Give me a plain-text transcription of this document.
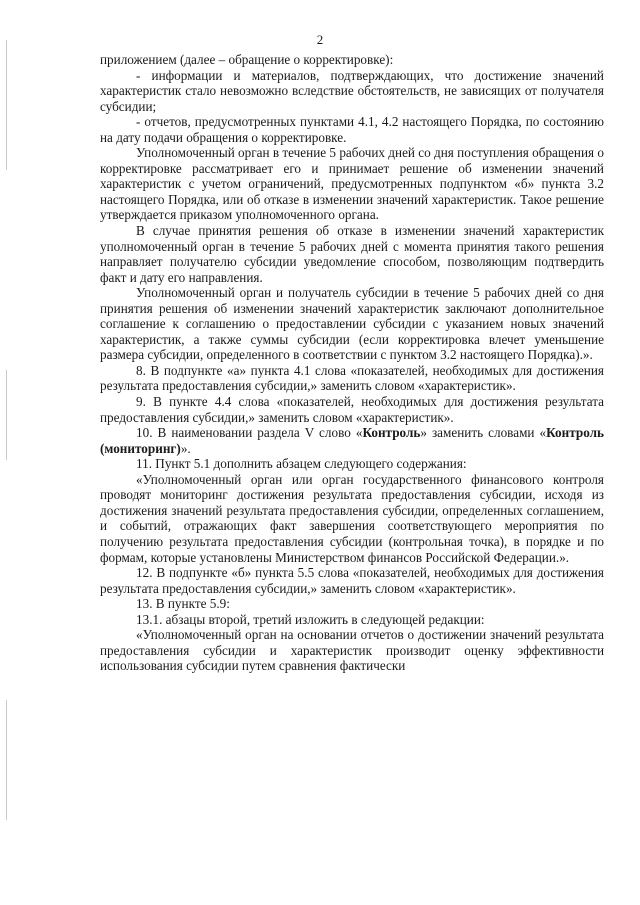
2

приложением (далее – обращение о корректировке):

- информации и материалов, подтверждающих, что достижение значений характеристик стало невозможно вследствие обстоятельств, не зависящих от получателя субсидии;

- отчетов, предусмотренных пунктами 4.1, 4.2 настоящего Порядка, по состоянию на дату подачи обращения о корректировке.

Уполномоченный орган в течение 5 рабочих дней со дня поступления обращения о корректировке рассматривает его и принимает решение об изменении значений характеристик с учетом ограничений, предусмотренных подпунктом «б» пункта 3.2 настоящего Порядка, или об отказе в изменении значений характеристик. Такое решение утверждается приказом уполномоченного органа.

В случае принятия решения об отказе в изменении значений характеристик уполномоченный орган в течение 5 рабочих дней с момента принятия такого решения направляет получателю субсидии уведомление способом, позволяющим подтвердить факт и дату его направления.

Уполномоченный орган и получатель субсидии в течение 5 рабочих дней со дня принятия решения об изменении значений характеристик заключают дополнительное соглашение к соглашению о предоставлении субсидии с указанием новых значений характеристик, а также суммы субсидии (если корректировка влечет уменьшение размера субсидии, определенного в соответствии с пунктом 3.2 настоящего Порядка).».

8. В подпункте «а» пункта 4.1 слова «показателей, необходимых для достижения результата предоставления субсидии,» заменить словом «характеристик».

9. В пункте 4.4 слова «показателей, необходимых для достижения результата предоставления субсидии,» заменить словом «характеристик».

10. В наименовании раздела V слово «Контроль» заменить словами «Контроль (мониторинг)».

11. Пункт 5.1 дополнить абзацем следующего содержания:

«Уполномоченный орган или орган государственного финансового контроля проводят мониторинг достижения результата предоставления субсидии, исходя из достижения значений результата предоставления субсидии, определенных соглашением, и событий, отражающих факт завершения соответствующего мероприятия по получению результата предоставления субсидии (контрольная точка), в порядке и по формам, которые установлены Министерством финансов Российской Федерации.».

12. В подпункте «б» пункта 5.5 слова «показателей, необходимых для достижения результата предоставления субсидии,» заменить словом «характеристик».

13. В пункте 5.9:

13.1. абзацы второй, третий изложить в следующей редакции:

«Уполномоченный орган на основании отчетов о достижении значений результата предоставления субсидии и характеристик производит оценку эффективности использования субсидии путем сравнения фактически
